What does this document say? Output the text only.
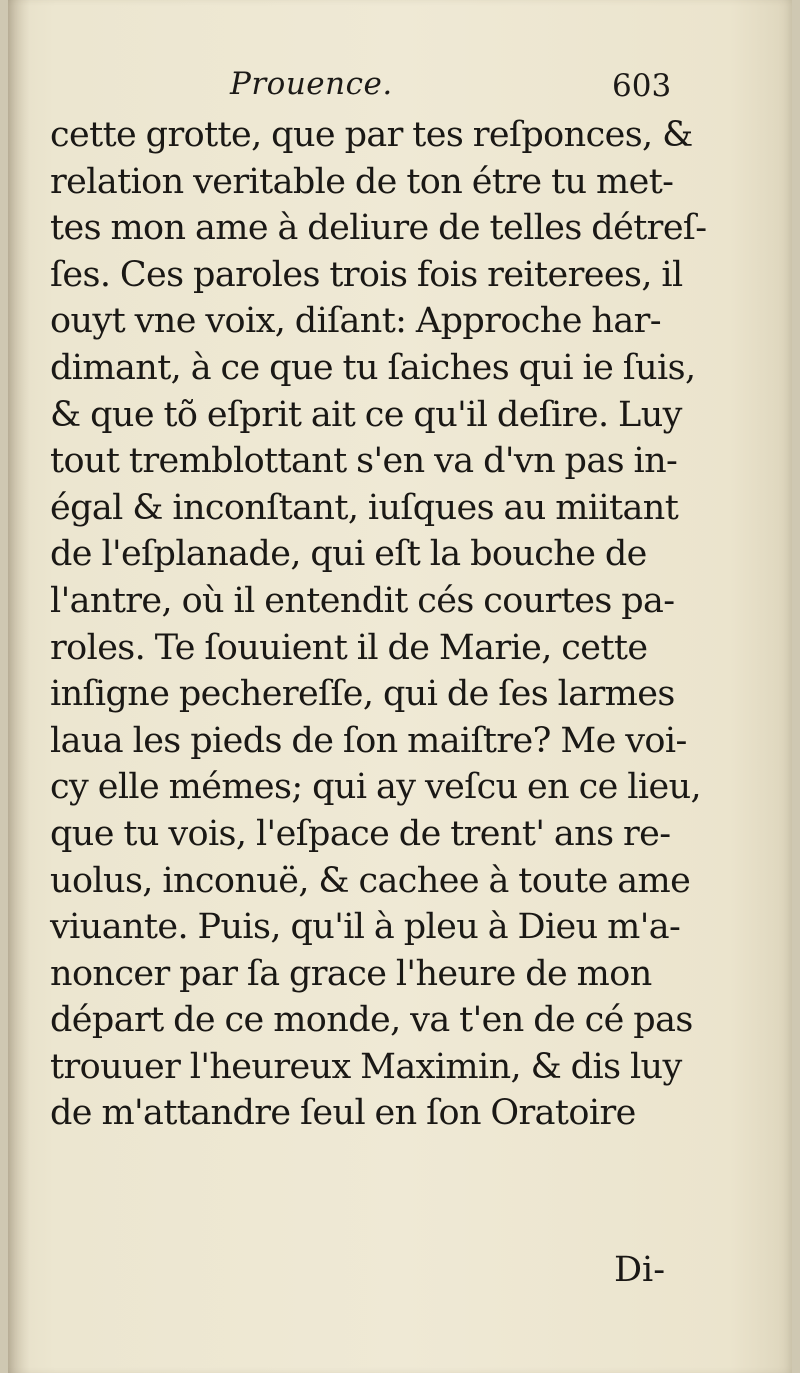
Prouence.	603
cette grotte, que par tes reſponces, &
relation veritable de ton étre tu met-
tes mon ame à deliure de telles détreſ-
ſes. Ces paroles trois fois reiterees, il
ouyt vne voix, diſant: Approche har-
dimant, à ce que tu ſaiches qui ie ſuis,
& que tõ eſprit ait ce qu'il deſire. Luy
tout tremblottant s'en va d'vn pas in-
égal & inconſtant, iuſques au miitant
de l'eſplanade, qui eſt la bouche de
l'antre, où il entendit cés courtes pa-
roles. Te ſouuient il de Marie, cette
inſigne pechereſſe, qui de ſes larmes
laua les pieds de ſon maiſtre? Me voi-
cy elle mémes; qui ay veſcu en ce lieu,
que tu vois, l'eſpace de trent' ans re-
uolus, inconuë, & cachee à toute ame
viuante. Puis, qu'il à pleu à Dieu m'a-
noncer par ſa grace l'heure de mon
départ de ce monde, va t'en de cé pas
trouuer l'heureux Maximin, & dis luy
de m'attandre ſeul en ſon Oratoire
Di-
